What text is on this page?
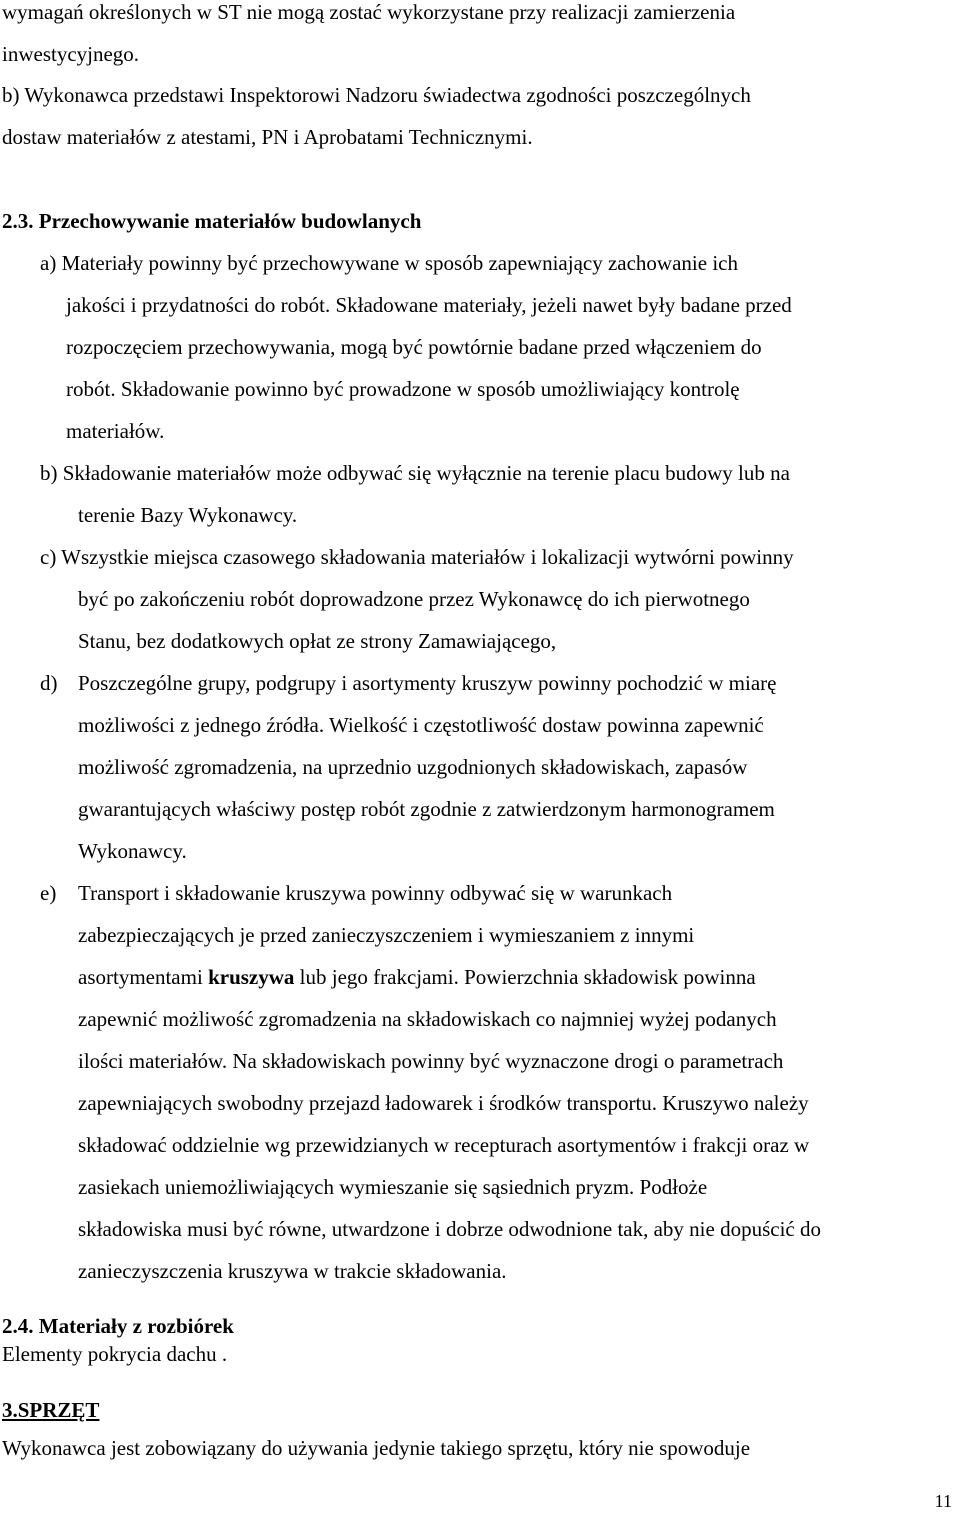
wymagań określonych w ST nie mogą zostać wykorzystane przy realizacji zamierzenia
inwestycyjnego.
b) Wykonawca przedstawi Inspektorowi Nadzoru świadectwa zgodności poszczególnych
dostaw materiałów z atestami, PN i Aprobatami Technicznymi.
2.3. Przechowywanie materiałów budowlanych
a) Materiały powinny być przechowywane w sposób zapewniający zachowanie ich
jakości i przydatności do robót. Składowane materiały, jeżeli nawet były badane przed
rozpoczęciem przechowywania, mogą być powtórnie badane przed włączeniem do
robót. Składowanie powinno być prowadzone w sposób umożliwiający kontrolę
materiałów.
b) Składowanie materiałów może odbywać się wyłącznie na terenie placu budowy lub na
terenie Bazy Wykonawcy.
c) Wszystkie miejsca czasowego składowania materiałów i lokalizacji wytwórni powinny
być po zakończeniu robót doprowadzone przez Wykonawcę do ich pierwotnego
Stanu, bez dodatkowych opłat ze strony Zamawiającego,
d) Poszczególne grupy, podgrupy i asortymenty kruszyw powinny pochodzić w miarę
możliwości z jednego źródła. Wielkość i częstotliwość dostaw powinna zapewnić
możliwość zgromadzenia, na uprzednio uzgodnionych składowiskach, zapasów
gwarantujących właściwy postęp robót zgodnie z zatwierdzonym harmonogramem
Wykonawcy.
e) Transport i składowanie kruszywa powinny odbywać się w warunkach
zabezpieczających je przed zanieczyszczeniem i wymieszaniem z innymi
asortymentami kruszywa lub jego frakcjami. Powierzchnia składowisk powinna
zapewnić możliwość zgromadzenia na składowiskach co najmniej wyżej podanych
ilości materiałów. Na składowiskach powinny być wyznaczone drogi o parametrach
zapewniających swobodny przejazd ładowarek i środków transportu. Kruszywo należy
składować oddzielnie wg przewidzianych w recepturach asortymentów i frakcji oraz w
zasiekach uniemożliwiających wymieszanie się sąsiednich pryzm. Podłoże
składowiska musi być równe, utwardzone i dobrze odwodnione tak, aby nie dopuścić do
zanieczyszczenia kruszywa w trakcie składowania.
2.4. Materiały z rozbiórek
Elementy pokrycia dachu .
3.SPRZĘT
Wykonawca jest zobowiązany do używania jedynie takiego sprzętu, który nie spowoduje
11
